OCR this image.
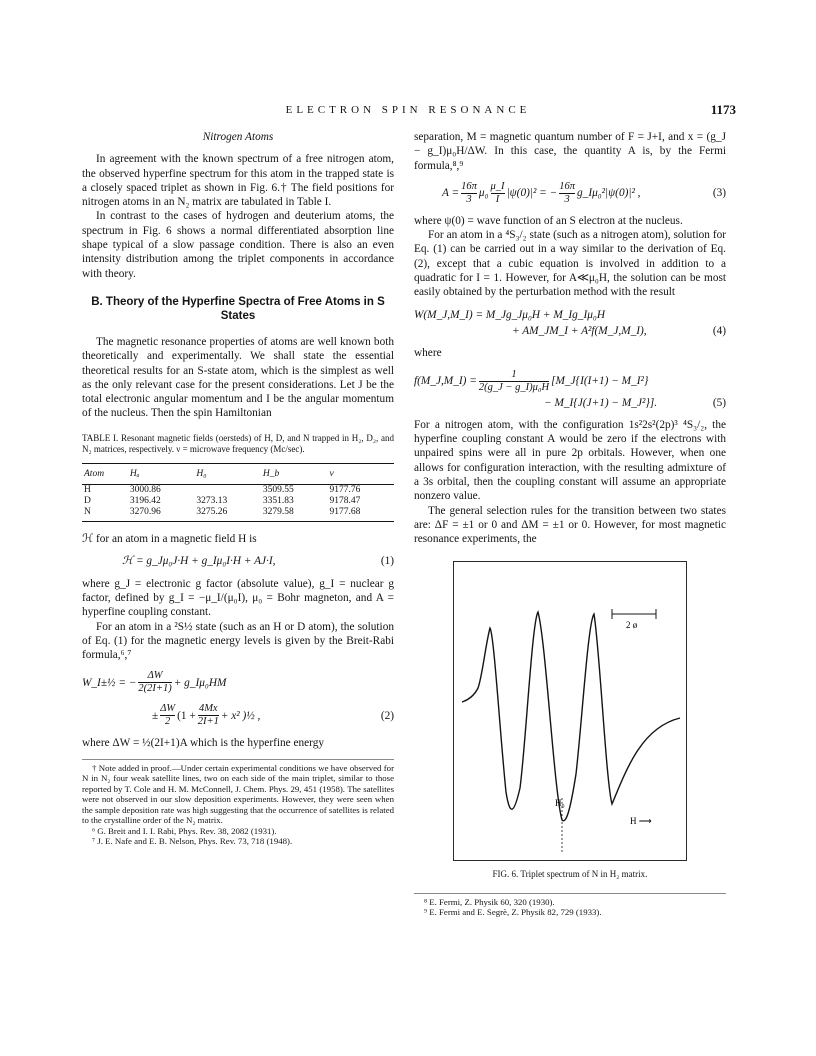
ELECTRON SPIN RESONANCE	1173

Nitrogen Atoms

In agreement with the known spectrum of a free nitrogen atom, the observed hyperfine spectrum for this atom in the trapped state is a closely spaced triplet as shown in Fig. 6.† The field positions for nitrogen atoms in an N₂ matrix are tabulated in Table I.

In contrast to the cases of hydrogen and deuterium atoms, the spectrum in Fig. 6 shows a normal differentiated absorption line shape typical of a slow passage condition. There is also an even intensity distribution among the triplet components in accordance with theory.

B. Theory of the Hyperfine Spectra of Free Atoms in S States

The magnetic resonance properties of atoms are well known both theoretically and experimentally. We shall state the essential theoretical results for an S-state atom, which is the simplest as well as the only relevant case for the present considerations. Let J be the total electronic angular momentum and I be the angular momentum of the nucleus. Then the spin Hamiltonian

TABLE I. Resonant magnetic fields (oersteds) of H, D, and N trapped in H₂, D₂, and N₂ matrices, respectively. ν = microwave frequency (Mc/sec).
Atom	Hₐ	H₀	H_b	ν
H	3000.86		3509.55	9177.76
D	3196.42	3273.13	3351.83	9178.47
N	3270.96	3275.26	3279.58	9177.68

ℋ for an atom in a magnetic field H is

ℋ = g_Jμ₀J·H + g_Iμ₀I·H + AJ·I,	(1)

where g_J = electronic g factor (absolute value), g_I = nuclear g factor, defined by g_I = −μ_I/(μ₀I), μ₀ = Bohr magneton, and A = hyperfine coupling constant.

For an atom in a ²S½ state (such as an H or D atom), the solution of Eq. (1) for the magnetic energy levels is given by the Breit-Rabi formula,⁶,⁷

W_I±½ = − $\frac{\Delta W}{2(2I+1)}$ + g_Iμ₀HM
± $\frac{\Delta W}{2} (1 + \frac{4Mx}{2I+1} + x^2$ )½ ,	(2)

where ΔW = ½(2I+1)A which is the hyperfine energy

† Note added in proof.—Under certain experimental conditions we have observed for N in N₂ four weak satellite lines, two on each side of the main triplet, similar to those reported by T. Cole and H. M. McConnell, J. Chem. Phys. 29, 451 (1958). The satellites were not observed in our slow deposition experiments. However, they were seen when the sample deposition rate was high suggesting that the occurrence of satellites is related to the crystalline order of the N₂ matrix.

⁶ G. Breit and I. I. Rabi, Phys. Rev. 38, 2082 (1931).

⁷ J. E. Nafe and E. B. Nelson, Phys. Rev. 73, 718 (1948).

separation, M = magnetic quantum number of F = J+I, and x = (g_J − g_I)μ₀H/ΔW. In this case, the quantity A is, by the Fermi formula,⁸,⁹

$A = \frac{16\pi}{3} \mu_0 \frac{\mu\_I}{I} |\psi(0)|^2$ = − $\frac{16\pi}{3}$ g_Iμ₀²|ψ(0)|² ,	(3)

where ψ(0) = wave function of an S electron at the nucleus.

For an atom in a ⁴S₃/₂ state (such as a nitrogen atom), solution for Eq. (1) can be carried out in a way similar to the derivation of Eq. (2), except that a cubic equation is involved in addition to a quadratic for I = 1. However, for A≪μ₀H, the solution can be most easily obtained by the perturbation method with the result

W(M_J,M_I) = M_Jg_Jμ₀H + M_Ig_Iμ₀H
+ AM_JM_I + A²f(M_J,M_I),	(4)

where

f(M_J,M_I) = $\frac{1}{\text{2(g\_J − g\_I)μ₀H}}$ [M_J{I(I+1) − M_I²}
− M_I{J(J+1) − M_J²}].	(5)

For a nitrogen atom, with the configuration 1s²2s²(2p)³ ⁴S₃/₂, the hyperfine coupling constant A would be zero if the electrons with unpaired spins were all in pure 2p orbitals. However, when one allows for configuration interaction, with the resulting admixture of a 3s orbital, then the coupling constant will assume an appropriate nonzero value.

The general selection rules for the transition between two states are: ΔF = ±1 or 0 and ΔM = ±1 or 0. However, for most magnetic resonance experiments, the

2 ø
H₀
H ⟶
FIG. 6. Triplet spectrum of N in H₂ matrix.

⁸ E. Fermi, Z. Physik 60, 320 (1930).

⁹ E. Fermi and E. Segrè, Z. Physik 82, 729 (1933).
